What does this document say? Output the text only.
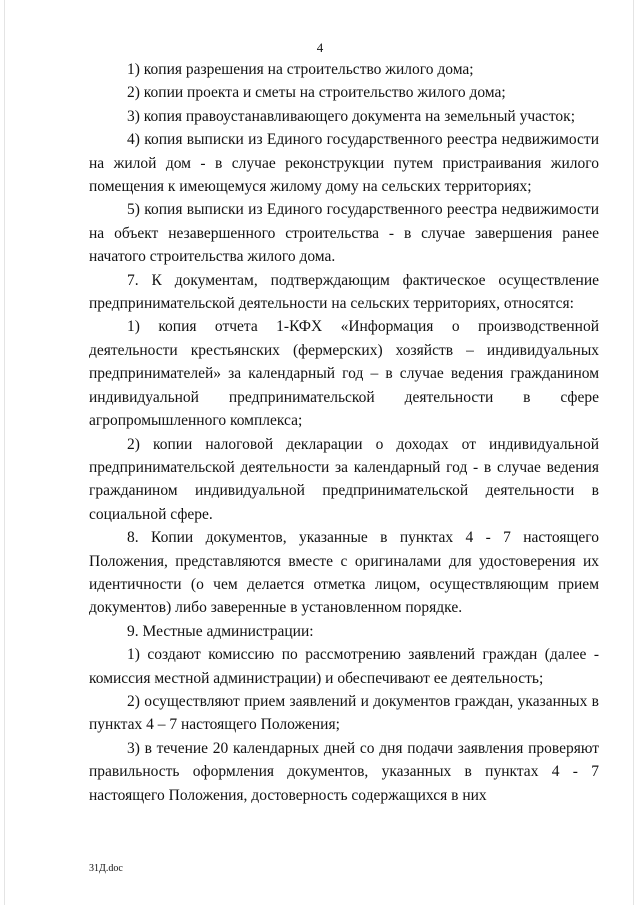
4

1) копия разрешения на строительство жилого дома;

2) копии проекта и сметы на строительство жилого дома;

3) копия правоустанавливающего документа на земельный участок;

4) копия выписки из Единого государственного реестра недвижимости на жилой дом - в случае реконструкции путем пристраивания жилого помещения к имеющемуся жилому дому на сельских территориях;

5) копия выписки из Единого государственного реестра недвижимости на объект незавершенного строительства - в случае завершения ранее начатого строительства жилого дома.

7. К документам, подтверждающим фактическое осуществление предпринимательской деятельности на сельских территориях, относятся:

1) копия отчета 1-КФХ «Информация о производственной деятельности крестьянских (фермерских) хозяйств – индивидуальных предпринимателей» за календарный год – в случае ведения гражданином индивидуальной предпринимательской деятельности в сфере агропромышленного комплекса;

2) копии налоговой декларации о доходах от индивидуальной предпринимательской деятельности за календарный год - в случае ведения гражданином индивидуальной предпринимательской деятельности в социальной сфере.

8. Копии документов, указанные в пунктах 4 - 7 настоящего Положения, представляются вместе с оригиналами для удостоверения их идентичности (о чем делается отметка лицом, осуществляющим прием документов) либо заверенные в установленном порядке.

9. Местные администрации:

1) создают комиссию по рассмотрению заявлений граждан (далее - комиссия местной администрации) и обеспечивают ее деятельность;

2) осуществляют прием заявлений и документов граждан, указанных в пунктах 4 – 7 настоящего Положения;

3) в течение 20 календарных дней со дня подачи заявления проверяют правильность оформления документов, указанных в пунктах 4 - 7 настоящего Положения, достоверность содержащихся в них

31Д.doc
